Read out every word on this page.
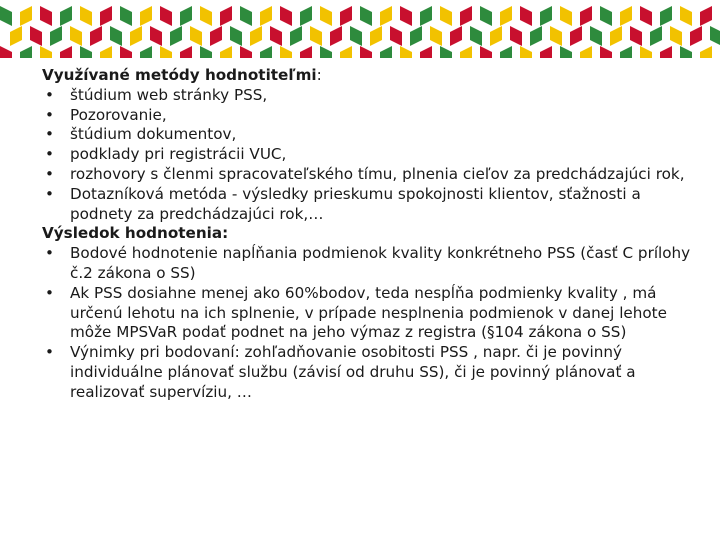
Využívané metódy hodnotiteľmi:

• štúdium web stránky PSS,
• Pozorovanie,
• štúdium dokumentov,
• podklady pri registrácii VUC,
• rozhovory s členmi spracovateľského tímu, plnenia cieľov za predchádzajúci rok,
• Dotazníková metóda - výsledky prieskumu spokojnosti klientov, sťažnosti a podnety za predchádzajúci rok,…

Výsledok hodnotenia:

• Bodové hodnotenie napĺňania podmienok kvality konkrétneho PSS (časť C prílohy č.2 zákona o SS)
• Ak PSS dosiahne menej ako 60%bodov, teda nespĺňa podmienky kvality , má určenú lehotu na ich splnenie, v prípade nesplnenia podmienok v danej lehote môže MPSVaR podať podnet na jeho výmaz z registra (§104 zákona o SS)
• Výnimky pri bodovaní: zohľadňovanie osobitosti PSS , napr. či je povinný individuálne plánovať službu (závisí od druhu SS), či je povinný plánovať a realizovať supervíziu, …
